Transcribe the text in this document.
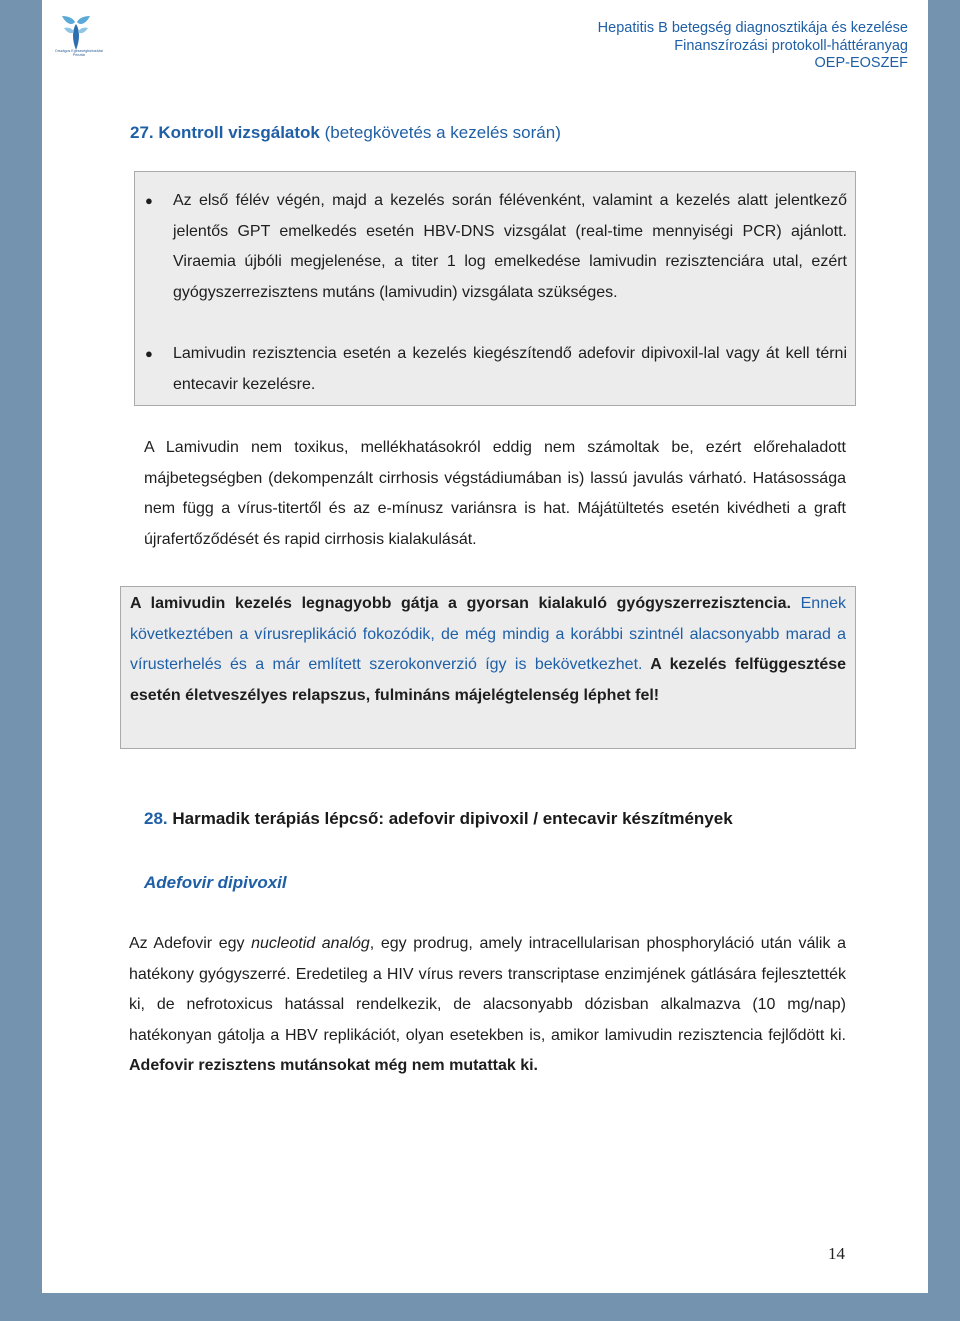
Országos Egészségbiztosítási
Pénztár
Hepatitis B betegség diagnosztikája és kezelése
Finanszírozási protokoll-háttéranyag
OEP-EOSZEF
27. Kontroll vizsgálatok (betegkövetés a kezelés során)
● Az első félév végén, majd a kezelés során félévenként, valamint a kezelés alatt jelentkező jelentős GPT emelkedés esetén HBV-DNS vizsgálat (real-time mennyiségi PCR) ajánlott. Viraemia újbóli megjelenése, a titer 1 log emelkedése lamivudin rezisztenciára utal, ezért gyógyszerrezisztens mutáns (lamivudin) vizsgálata szükséges.
● Lamivudin rezisztencia esetén a kezelés kiegészítendő adefovir dipivoxil-lal vagy át kell térni entecavir kezelésre.
A Lamivudin nem toxikus, mellékhatásokról eddig nem számoltak be, ezért előrehaladott májbetegségben (dekompenzált cirrhosis végstádiumában is) lassú javulás várható. Hatásossága nem függ a vírus-titertől és az e-mínusz variánsra is hat. Májátültetés esetén kivédheti a graft újrafertőződését és rapid cirrhosis kialakulását.
A lamivudin kezelés legnagyobb gátja a gyorsan kialakuló gyógyszerrezisztencia. Ennek következtében a vírusreplikáció fokozódik, de még mindig a korábbi szintnél alacsonyabb marad a vírusterhelés és a már említett szerokonverzió így is bekövetkezhet. A kezelés felfüggesztése esetén életveszélyes relapszus, fulmináns májelégtelenség léphet fel!
28. Harmadik terápiás lépcső: adefovir dipivoxil / entecavir készítmények
Adefovir dipivoxil
Az Adefovir egy nucleotid analóg, egy prodrug, amely intracellularisan phosphoryláció után válik a hatékony gyógyszerré. Eredetileg a HIV vírus revers transcriptase enzimjének gátlására fejlesztették ki, de nefrotoxicus hatással rendelkezik, de alacsonyabb dózisban alkalmazva (10 mg/nap) hatékonyan gátolja a HBV replikációt, olyan esetekben is, amikor lamivudin rezisztencia fejlődött ki. Adefovir rezisztens mutánsokat még nem mutattak ki.
14
